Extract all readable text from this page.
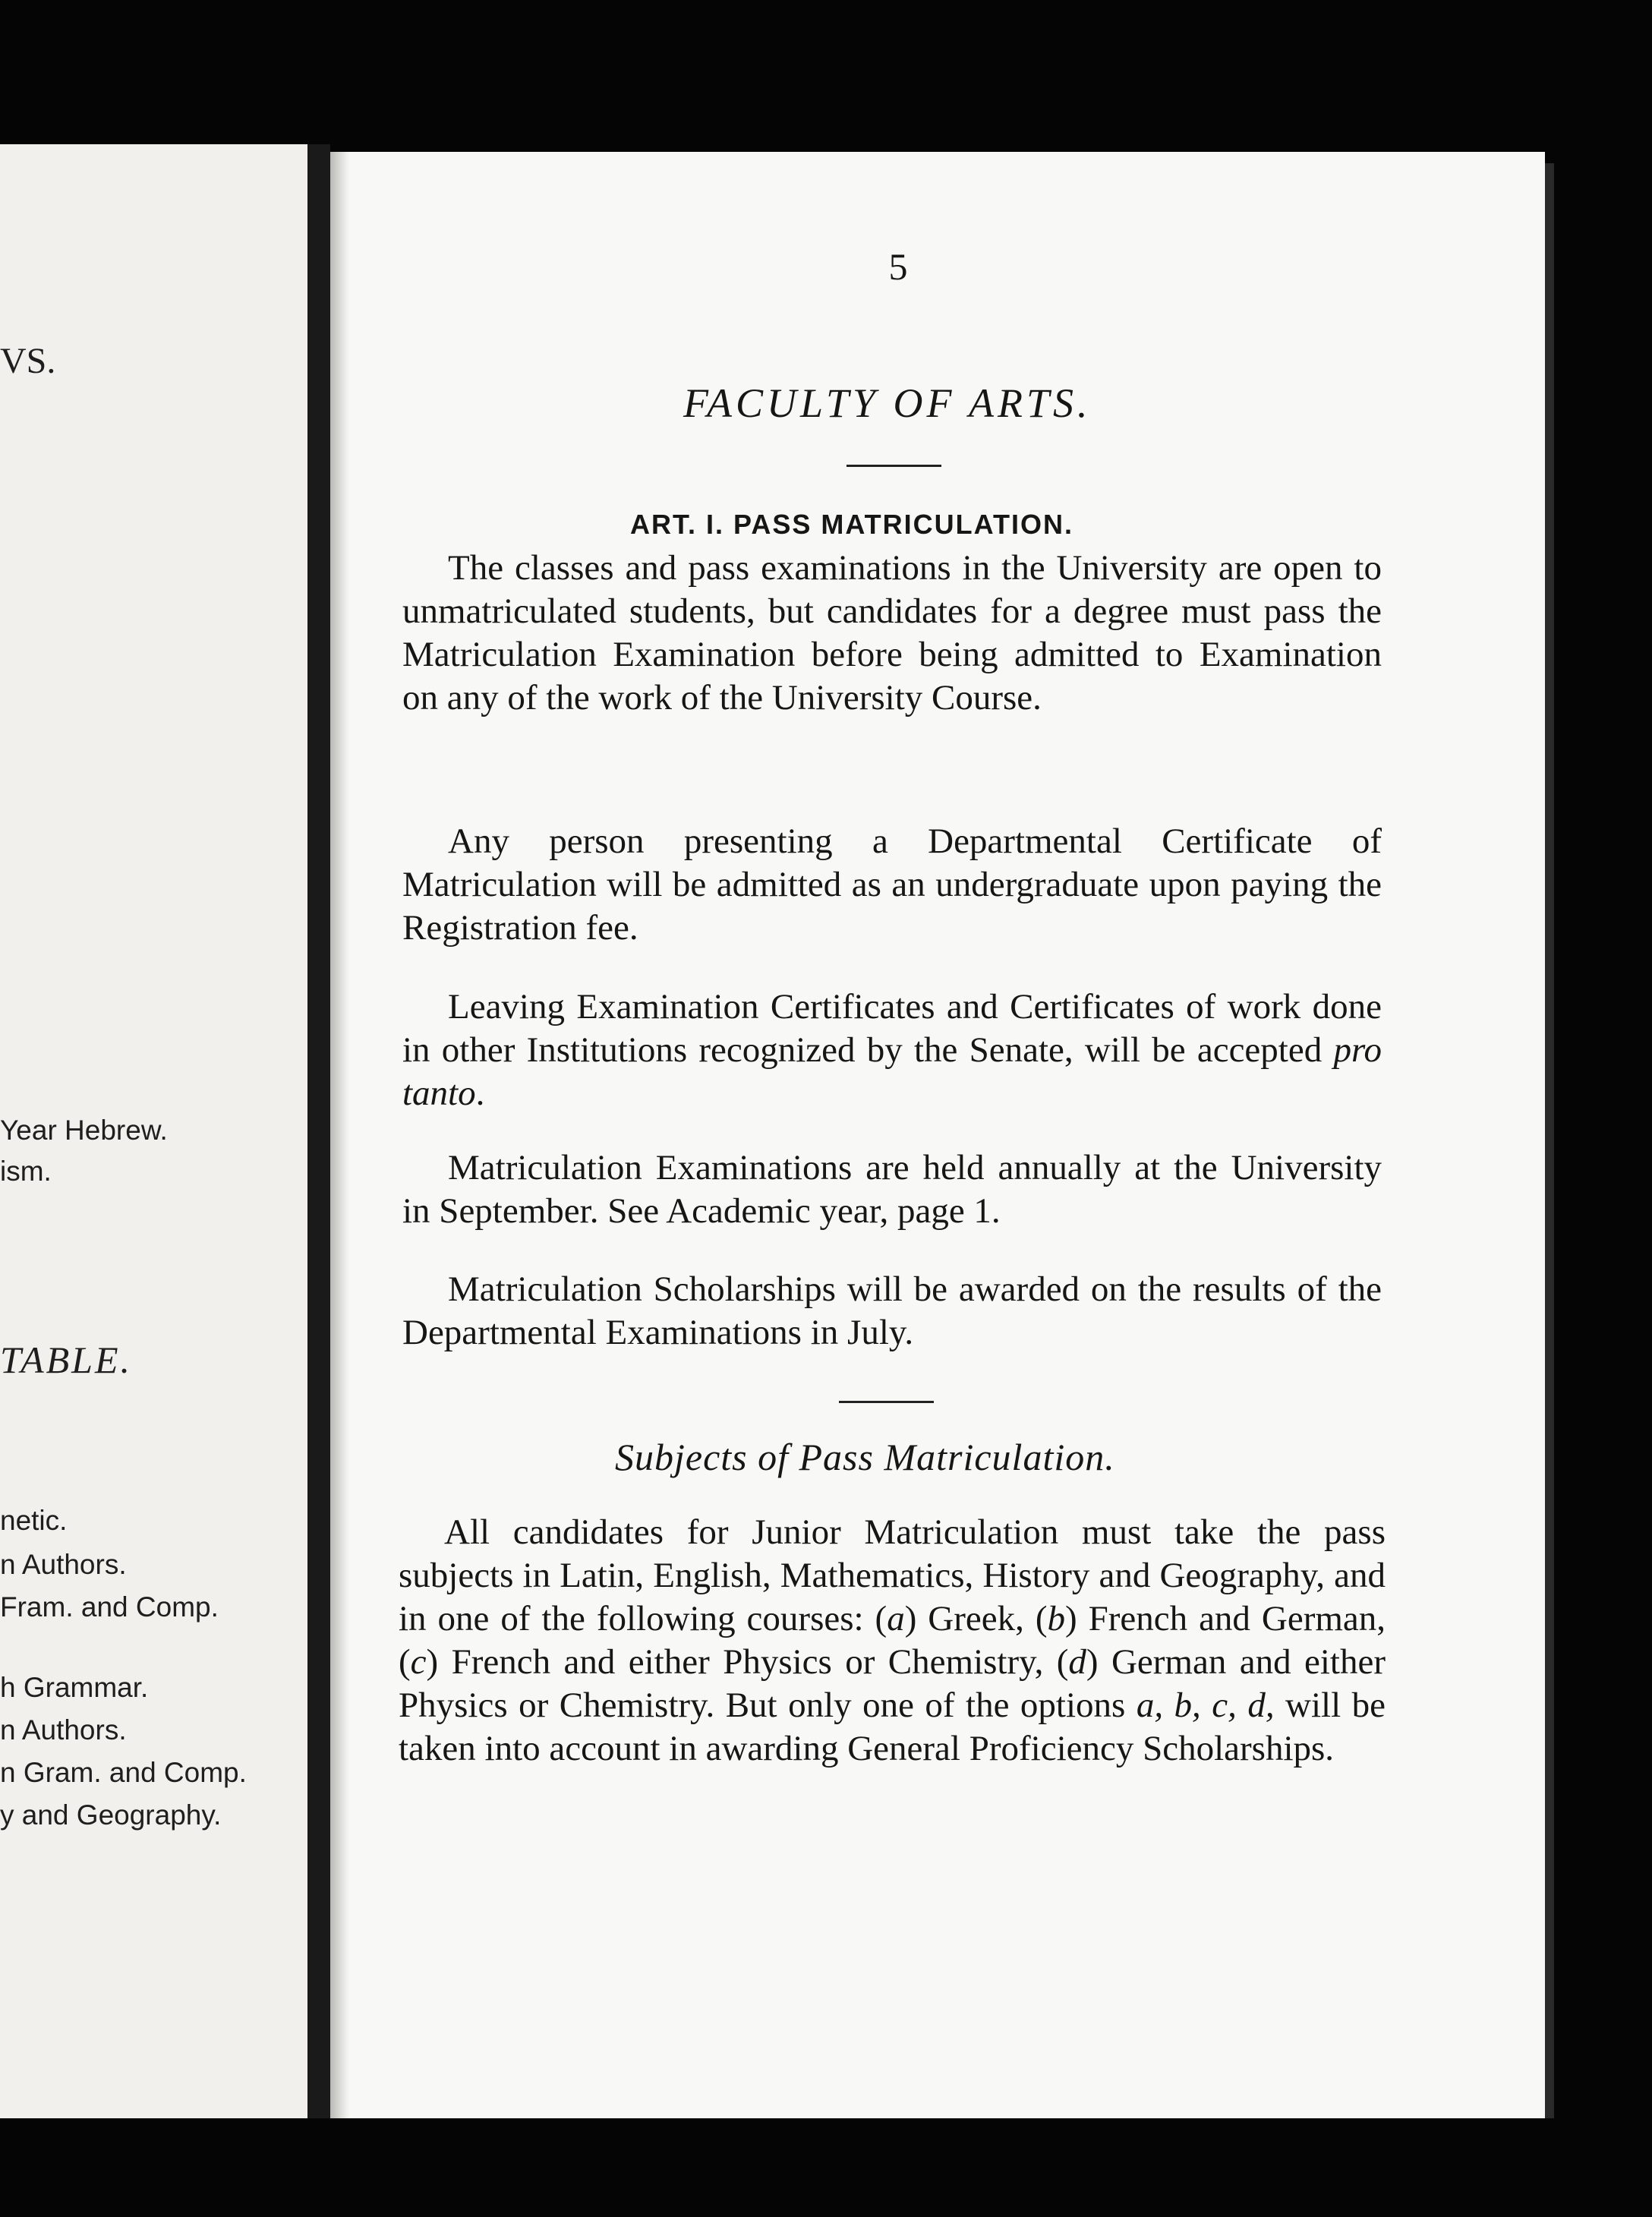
VS.
Year Hebrew.
ism.
TABLE.
netic.
n Authors.
Fram. and Comp.
h Grammar.
n Authors.
n Gram. and Comp.
y and Geography.
5
FACULTY OF ARTS.
ART. I. PASS MATRICULATION.

The classes and pass examinations in the University are open to unmatriculated students, but candidates for a degree must pass the Matriculation Examination before being admitted to Examination on any of the work of the University Course.

Any person presenting a Departmental Certificate of Matriculation will be admitted as an undergraduate upon paying the Registration fee.

Leaving Examination Certificates and Certificates of work done in other Institutions recognized by the Senate, will be accepted pro tanto.

Matriculation Examinations are held annually at the University in September. See Academic year, page 1.

Matriculation Scholarships will be awarded on the results of the Departmental Examinations in July.

Subjects of Pass Matriculation.

All candidates for Junior Matriculation must take the pass subjects in Latin, English, Mathematics, History and Geography, and in one of the following courses: (a) Greek, (b) French and German, (c) French and either Physics or Chemistry, (d) German and either Physics or Chemistry. But only one of the options a, b, c, d, will be taken into account in awarding General Proficiency Scholarships.
